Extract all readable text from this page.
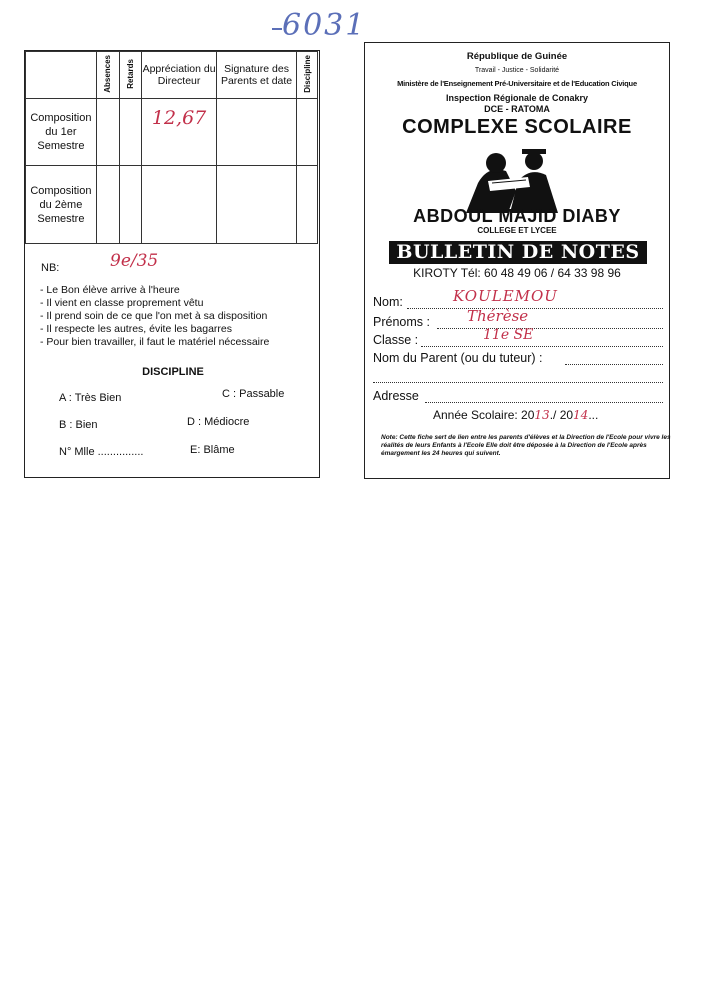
6031
	Absences	Retards	Appréciation du Directeur	Signature des Parents et date	Discipline
Composition du 1er Semestre			12,67		
Composition du 2ème Semestre					
NB:	9e/35
- Le Bon élève arrive à l'heure
- Il vient en classe proprement vêtu
- Il prend soin de ce que l'on met à sa disposition
- Il respecte les autres, évite les bagarres
- Pour bien travailler, il faut le matériel nécessaire
DISCIPLINE
A : Très Bien	C : Passable
B : Bien	D : Médiocre
N° Mlle ...............	E: Blâme
République de Guinée
Travail - Justice - Solidarité
Ministère de l'Enseignement Pré-Universitaire et de l'Education Civique
Inspection Régionale de Conakry
DCE - RATOMA
COMPLEXE SCOLAIRE
ABDOUL MAJID DIABY
COLLEGE ET LYCEE
BULLETIN DE NOTES
KIROTY Tél: 60 48 49 06 / 64 33 98 96
Nom:	KOULEMOU
Prénoms : Thérèse
Classe :	11e SE
Nom du Parent (ou du tuteur) :
Adresse
Année Scolaire: 2013./ 2014...
Note: Cette fiche sert de lien entre les parents d'élèves et la Direction de l'Ecole pour vivre les réalités de leurs Enfants à l'Ecole Elle doit être déposée à la Direction de l'Ecole après émargement les 24 heures qui suivent.
